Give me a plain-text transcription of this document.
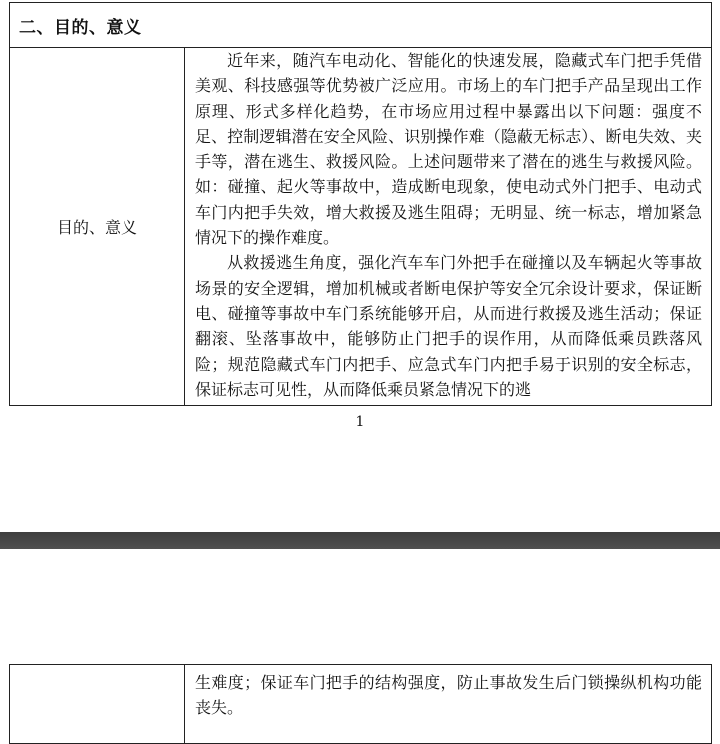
二、目的、意义
目的、意义

近年来，随汽车电动化、智能化的快速发展，隐藏式车门把手凭借美观、科技感强等优势被广泛应用。市场上的车门把手产品呈现出工作原理、形式多样化趋势，在市场应用过程中暴露出以下问题：强度不足、控制逻辑潜在安全风险、识别操作难（隐蔽无标志）、断电失效、夹手等，潜在逃生、救援风险。上述问题带来了潜在的逃生与救援风险。如：碰撞、起火等事故中，造成断电现象，使电动式外门把手、电动式车门内把手失效，增大救援及逃生阻碍；无明显、统一标志，增加紧急情况下的操作难度。

从救援逃生角度，强化汽车车门外把手在碰撞以及车辆起火等事故场景的安全逻辑，增加机械或者断电保护等安全冗余设计要求，保证断电、碰撞等事故中车门系统能够开启，从而进行救援及逃生活动；保证翻滚、坠落事故中，能够防止门把手的误作用，从而降低乘员跌落风险；规范隐藏式车门内把手、应急式车门内把手易于识别的安全标志，保证标志可见性，从而降低乘员紧急情况下的逃

1

生难度；保证车门把手的结构强度，防止事故发生后门锁操纵机构功能丧失。
